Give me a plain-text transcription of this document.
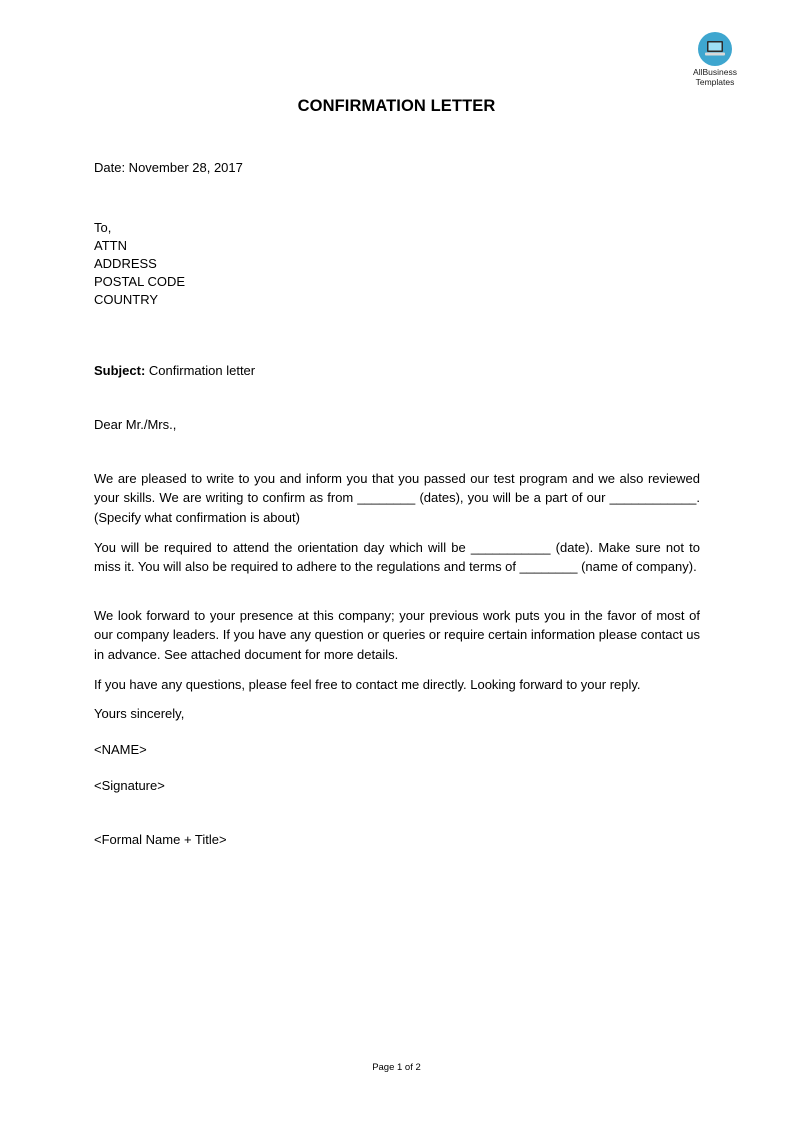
AllBusiness
Templates
CONFIRMATION LETTER
Date: November 28, 2017
To,
ATTN
ADDRESS
POSTAL CODE
COUNTRY
Subject: Confirmation letter
Dear Mr./Mrs.,
We are pleased to write to you and inform you that you passed our test program and we also reviewed your skills. We are writing to confirm as from ________ (dates), you will be a part of our ____________. (Specify what confirmation is about)
You will be required to attend the orientation day which will be ___________ (date). Make sure not to miss it. You will also be required to adhere to the regulations and terms of ________ (name of company).
We look forward to your presence at this company; your previous work puts you in the favor of most of our company leaders. If you have any question or queries or require certain information please contact us in advance. See attached document for more details.
If you have any questions, please feel free to contact me directly. Looking forward to your reply.
Yours sincerely,
<NAME>
<Signature>
<Formal Name + Title>
Page 1 of 2
